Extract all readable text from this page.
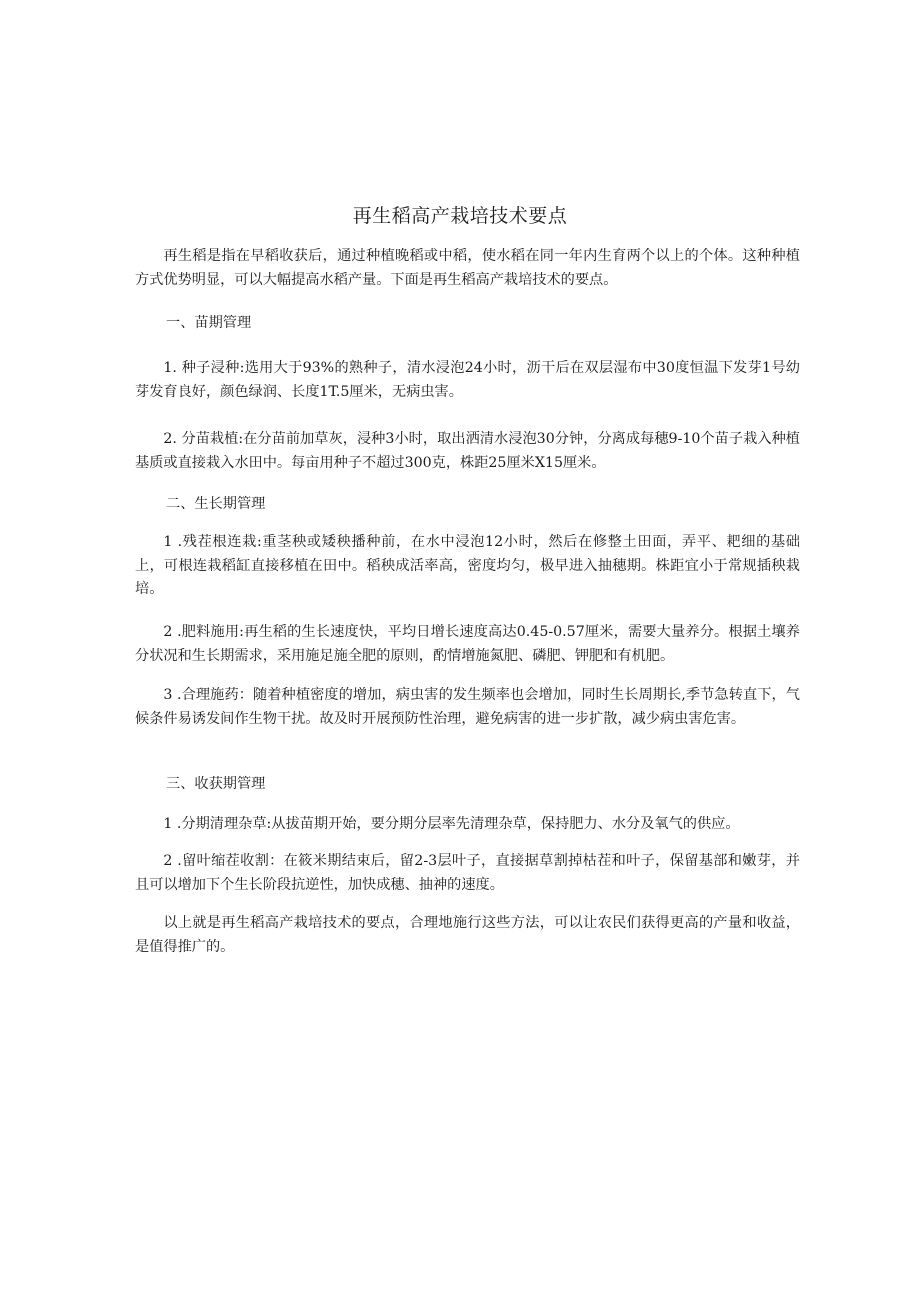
再生稻高产栽培技术要点

再生稻是指在早稻收获后，通过种植晚稻或中稻，使水稻在同一年内生育两个以上的个体。这种种植方式优势明显，可以大幅提高水稻产量。下面是再生稻高产栽培技术的要点。

一、苗期管理

1. 种子浸种:选用大于93%的熟种子，清水浸泡24小时，沥干后在双层湿布中30度恒温下发芽1号幼芽发育良好，颜色绿润、长度1T.5厘米，无病虫害。

2. 分苗栽植:在分苗前加草灰，浸种3小时，取出洒清水浸泡30分钟，分离成每穗9-10个苗子栽入种植基质或直接栽入水田中。每亩用种子不超过300克，株距25厘米X15厘米。

二、生长期管理

1 .残茬根连栽:重茎秧或矮秧播种前，在水中浸泡12小时，然后在修整土田面，弄平、耙细的基础上，可根连栽稻缸直接移植在田中。稻秧成活率高，密度均匀，极早进入抽穗期。株距宜小于常规插秧栽培。

2 .肥料施用:再生稻的生长速度快，平均日增长速度高达0.45-0.57厘米，需要大量养分。根据土壤养分状况和生长期需求，采用施足施全肥的原则，酌情增施氮肥、磷肥、钾肥和有机肥。

3 .合理施药：随着种植密度的增加，病虫害的发生频率也会增加，同时生长周期长,季节急转直下，气候条件易诱发间作生物干扰。故及时开展预防性治理，避免病害的进一步扩散，减少病虫害危害。

三、收获期管理

1 .分期清理杂草:从拔苗期开始，要分期分层率先清理杂草，保持肥力、水分及氧气的供应。

2 .留叶缩茬收割：在筱米期结束后，留2-3层叶子，直接据草割掉枯茬和叶子，保留基部和嫩芽，并且可以增加下个生长阶段抗逆性，加快成穗、抽神的速度。

以上就是再生稻高产栽培技术的要点，合理地施行这些方法，可以让农民们获得更高的产量和收益，是值得推广的。
